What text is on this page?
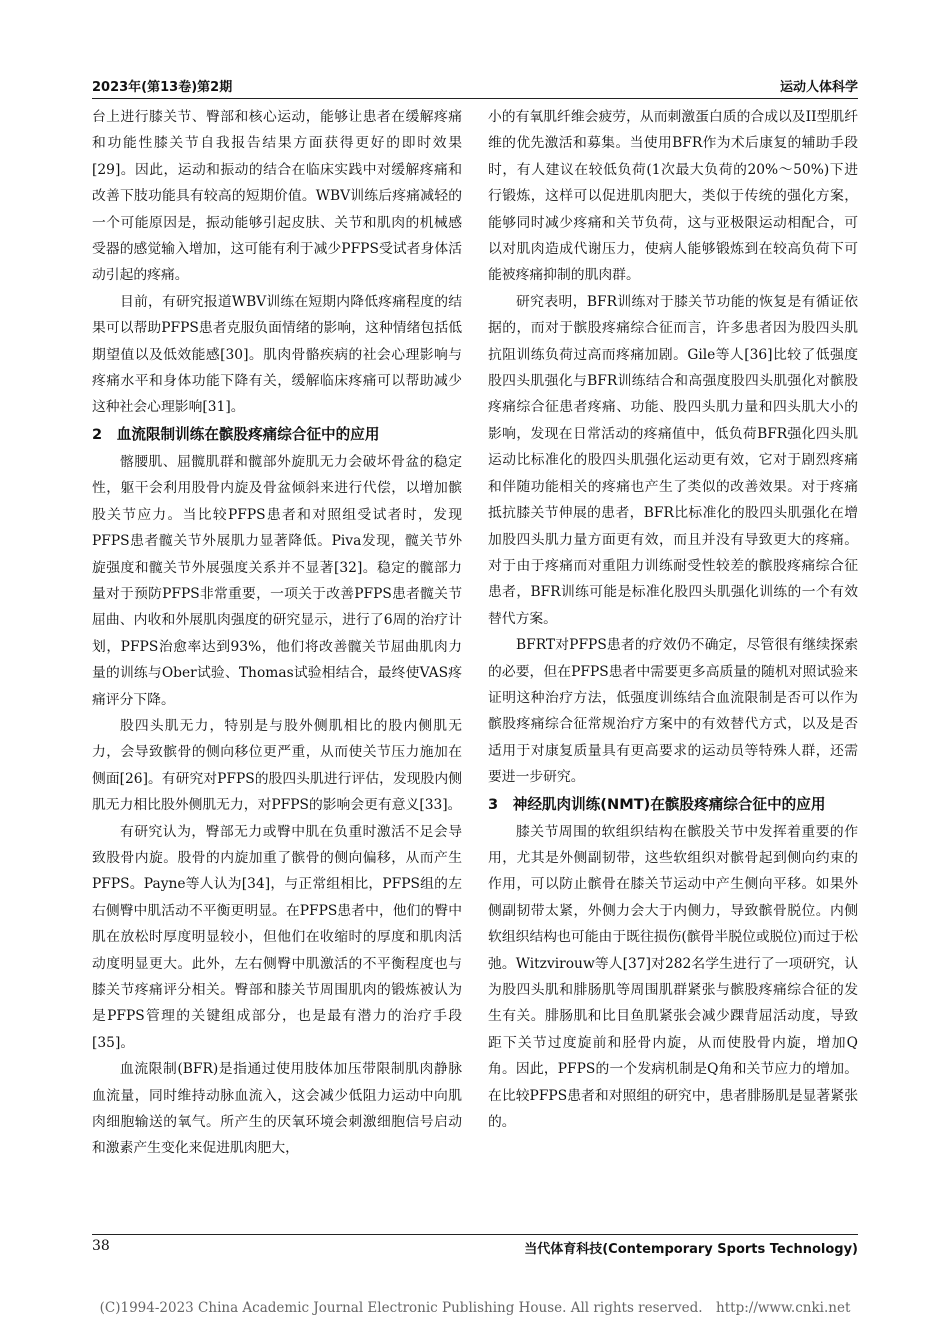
2023年(第13卷)第2期	运动人体科学

台上进行膝关节、臀部和核心运动，能够让患者在缓解疼痛和功能性膝关节自我报告结果方面获得更好的即时效果[29]。因此，运动和振动的结合在临床实践中对缓解疼痛和改善下肢功能具有较高的短期价值。WBV训练后疼痛减轻的一个可能原因是，振动能够引起皮肤、关节和肌肉的机械感受器的感觉输入增加，这可能有利于减少PFPS受试者身体活动引起的疼痛。

目前，有研究报道WBV训练在短期内降低疼痛程度的结果可以帮助PFPS患者克服负面情绪的影响，这种情绪包括低期望值以及低效能感[30]。肌肉骨骼疾病的社会心理影响与疼痛水平和身体功能下降有关，缓解临床疼痛可以帮助减少这种社会心理影响[31]。

2　血流限制训练在髌股疼痛综合征中的应用

髂腰肌、屈髋肌群和髋部外旋肌无力会破坏骨盆的稳定性，躯干会利用股骨内旋及骨盆倾斜来进行代偿，以增加髌股关节应力。当比较PFPS患者和对照组受试者时，发现PFPS患者髋关节外展肌力显著降低。Piva发现，髋关节外旋强度和髋关节外展强度关系并不显著[32]。稳定的髋部力量对于预防PFPS非常重要，一项关于改善PFPS患者髋关节屈曲、内收和外展肌肉强度的研究显示，进行了6周的治疗计划，PFPS治愈率达到93%，他们将改善髋关节屈曲肌肉力量的训练与Ober试验、Thomas试验相结合，最终使VAS疼痛评分下降。

股四头肌无力，特别是与股外侧肌相比的股内侧肌无力，会导致髌骨的侧向移位更严重，从而使关节压力施加在侧面[26]。有研究对PFPS的股四头肌进行评估，发现股内侧肌无力相比股外侧肌无力，对PFPS的影响会更有意义[33]。

有研究认为，臀部无力或臀中肌在负重时激活不足会导致股骨内旋。股骨的内旋加重了髌骨的侧向偏移，从而产生PFPS。Payne等人认为[34]，与正常组相比，PFPS组的左右侧臀中肌活动不平衡更明显。在PFPS患者中，他们的臀中肌在放松时厚度明显较小，但他们在收缩时的厚度和肌肉活动度明显更大。此外，左右侧臀中肌激活的不平衡程度也与膝关节疼痛评分相关。臀部和膝关节周围肌肉的锻炼被认为是PFPS管理的关键组成部分，也是最有潜力的治疗手段[35]。

血流限制(BFR)是指通过使用肢体加压带限制肌肉静脉血流量，同时维持动脉血流入，这会减少低阻力运动中向肌肉细胞输送的氧气。所产生的厌氧环境会刺激细胞信号启动和激素产生变化来促进肌肉肥大，

小的有氧肌纤维会疲劳，从而刺激蛋白质的合成以及II型肌纤维的优先激活和募集。当使用BFR作为术后康复的辅助手段时，有人建议在较低负荷(1次最大负荷的20%～50%)下进行锻炼，这样可以促进肌肉肥大，类似于传统的强化方案，能够同时减少疼痛和关节负荷，这与亚极限运动相配合，可以对肌肉造成代谢压力，使病人能够锻炼到在较高负荷下可能被疼痛抑制的肌肉群。

研究表明，BFR训练对于膝关节功能的恢复是有循证依据的，而对于髌股疼痛综合征而言，许多患者因为股四头肌抗阻训练负荷过高而疼痛加剧。Gile等人[36]比较了低强度股四头肌强化与BFR训练结合和高强度股四头肌强化对髌股疼痛综合征患者疼痛、功能、股四头肌力量和四头肌大小的影响，发现在日常活动的疼痛值中，低负荷BFR强化四头肌运动比标准化的股四头肌强化运动更有效，它对于剧烈疼痛和伴随功能相关的疼痛也产生了类似的改善效果。对于疼痛抵抗膝关节伸展的患者，BFR比标准化的股四头肌强化在增加股四头肌力量方面更有效，而且并没有导致更大的疼痛。对于由于疼痛而对重阻力训练耐受性较差的髌股疼痛综合征患者，BFR训练可能是标准化股四头肌强化训练的一个有效替代方案。

BFRT对PFPS患者的疗效仍不确定，尽管很有继续探索的必要，但在PFPS患者中需要更多高质量的随机对照试验来证明这种治疗方法，低强度训练结合血流限制是否可以作为髌股疼痛综合征常规治疗方案中的有效替代方式，以及是否适用于对康复质量具有更高要求的运动员等特殊人群，还需要进一步研究。

3　神经肌肉训练(NMT)在髌股疼痛综合征中的应用

膝关节周围的软组织结构在髌股关节中发挥着重要的作用，尤其是外侧副韧带，这些软组织对髌骨起到侧向约束的作用，可以防止髌骨在膝关节运动中产生侧向平移。如果外侧副韧带太紧，外侧力会大于内侧力，导致髌骨脱位。内侧软组织结构也可能由于既往损伤(髌骨半脱位或脱位)而过于松弛。Witzvirouw等人[37]对282名学生进行了一项研究，认为股四头肌和腓肠肌等周围肌群紧张与髌股疼痛综合征的发生有关。腓肠肌和比目鱼肌紧张会减少踝背屈活动度，导致距下关节过度旋前和胫骨内旋，从而使股骨内旋，增加Q角。因此，PFPS的一个发病机制是Q角和关节应力的增加。在比较PFPS患者和对照组的研究中，患者腓肠肌是显著紧张的。

38	当代体育科技(Contemporary Sports Technology)
(C)1994-2023 China Academic Journal Electronic Publishing House. All rights reserved.　http://www.cnki.net
